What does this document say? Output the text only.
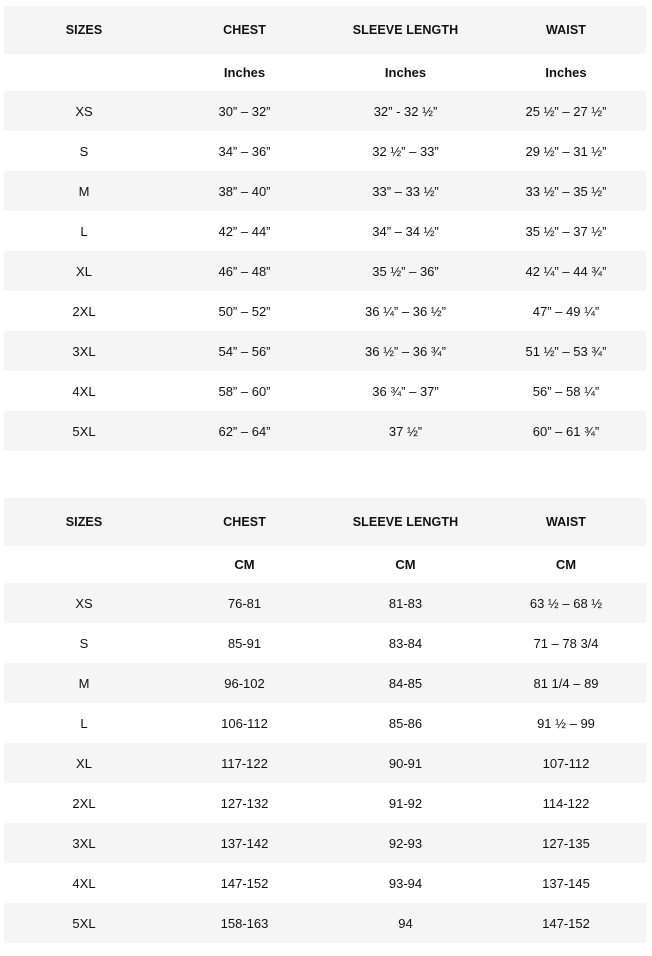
SIZES	CHEST	SLEEVE LENGTH	WAIST
	Inches	Inches	Inches
XS	30” – 32”	32” - 32 ½”	25 ½” – 27 ½”
S	34” – 36”	32 ½” – 33”	29 ½” – 31 ½”
M	38” – 40”	33” – 33 ½”	33 ½” – 35 ½”
L	42” – 44”	34” – 34 ½”	35 ½” – 37 ½”
XL	46” – 48”	35 ½” – 36”	42 ¼” – 44 ¾”
2XL	50” – 52”	36 ¼” – 36 ½”	47” – 49 ¼”
3XL	54” – 56”	36 ½” – 36 ¾”	51 ½” – 53 ¾”
4XL	58” – 60”	36 ¾” – 37”	56” – 58 ¼”
5XL	62” – 64”	37 ½”	60” – 61 ¾”
SIZES	CHEST	SLEEVE LENGTH	WAIST
	CM	CM	CM
XS	76-81	81-83	63 ½ – 68 ½
S	85-91	83-84	71 – 78 3/4
M	96-102	84-85	81 1/4 – 89
L	106-112	85-86	91 ½ – 99
XL	117-122	90-91	107-112
2XL	127-132	91-92	114-122
3XL	137-142	92-93	127-135
4XL	147-152	93-94	137-145
5XL	158-163	94	147-152
